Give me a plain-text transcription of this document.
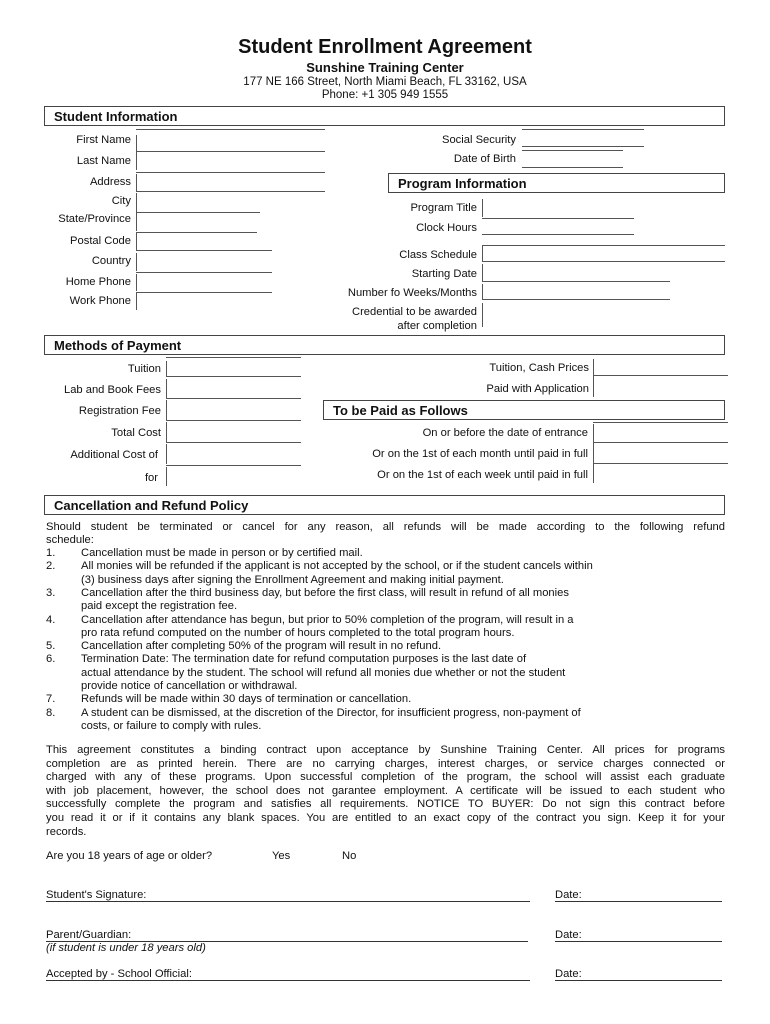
Student Enrollment Agreement
Sunshine Training Center
177 NE 166 Street, North Miami Beach, FL 33162, USA
Phone: +1 305 949 1555
Student Information
First Name
Last Name
Address
City
State/Province
Postal Code
Country
Home Phone
Work Phone
Social Security
Date of Birth
Program Information
Program Title
Clock Hours
Class Schedule
Starting Date
Number fo Weeks/Months
Credential to be awarded
after completion
Methods of Payment
Tuition
Lab and Book Fees
Registration Fee
Total Cost
Additional Cost of
for
Tuition, Cash Prices
Paid with Application
To be Paid as Follows
On or before the date of entrance
Or on the 1st of each month until paid in full
Or on the 1st of each week until paid in full
Cancellation and Refund Policy
Should student be terminated or cancel for any reason, all refunds will be made according to the following refund
schedule:
1. Cancellation must be made in person or by certified mail.
2. All monies will be refunded if the applicant is not accepted by the school, or if the student cancels within
(3) business days after signing the Enrollment Agreement and making initial payment.
3. Cancellation after the third business day, but before the first class, will result in refund of all monies
paid except the registration fee.
4. Cancellation after attendance has begun, but prior to 50% completion of the program, will result in a
pro rata refund computed on the number of hours completed to the total program hours.
5. Cancellation after completing 50% of the program will result in no refund.
6. Termination Date: The termination date for refund computation purposes is the last date of
actual attendance by the student. The school will refund all monies due whether or not the student
provide notice of cancellation or withdrawal.
7. Refunds will be made within 30 days of termination or cancellation.
8. A student can be dismissed, at the discretion of the Director, for insufficient progress, non-payment of
costs, or failure to comply with rules.
This agreement constitutes a binding contract upon acceptance by Sunshine Training Center. All prices for programs
completion are as printed herein. There are no carrying charges, interest charges, or service charges connected or
charged with any of these programs. Upon successful completion of the program, the school will assist each graduate
with job placement, however, the school does not garantee employment. A certificate will be issued to each student who
successfully complete the program and satisfies all requirements. NOTICE TO BUYER: Do not sign this contract before
you read it or if it contains any blank spaces. You are entitled to an exact copy of the contract you sign. Keep it for your
records.
Are you 18 years of age or older?	Yes	No
Student's Signature:	Date:
Parent/Guardian:
(if student is under 18 years old)
Date:
Accepted by - School Official:	Date:
